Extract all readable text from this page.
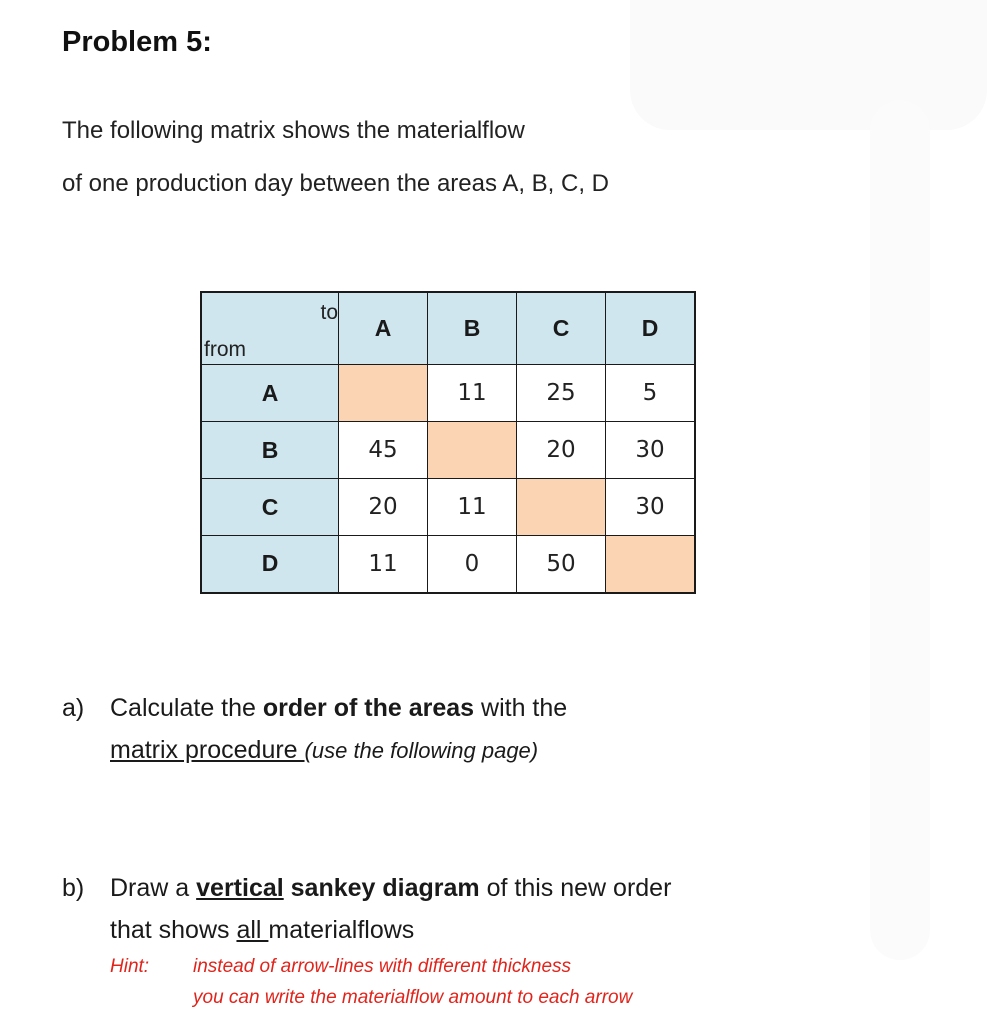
Problem 5:
The following matrix shows the materialflow
of one production day between the areas A, B, C, D
to
from	A	B	C	D
A		11	25	5
B	45		20	30
C	20	11		30
D	11	0	50	
a) Calculate the order of the areas with the
matrix procedure (use the following page)
b) Draw a vertical sankey diagram of this new order
that shows all materialflows
Hint: instead of arrow-lines with different thickness
you can write the materialflow amount to each arrow
